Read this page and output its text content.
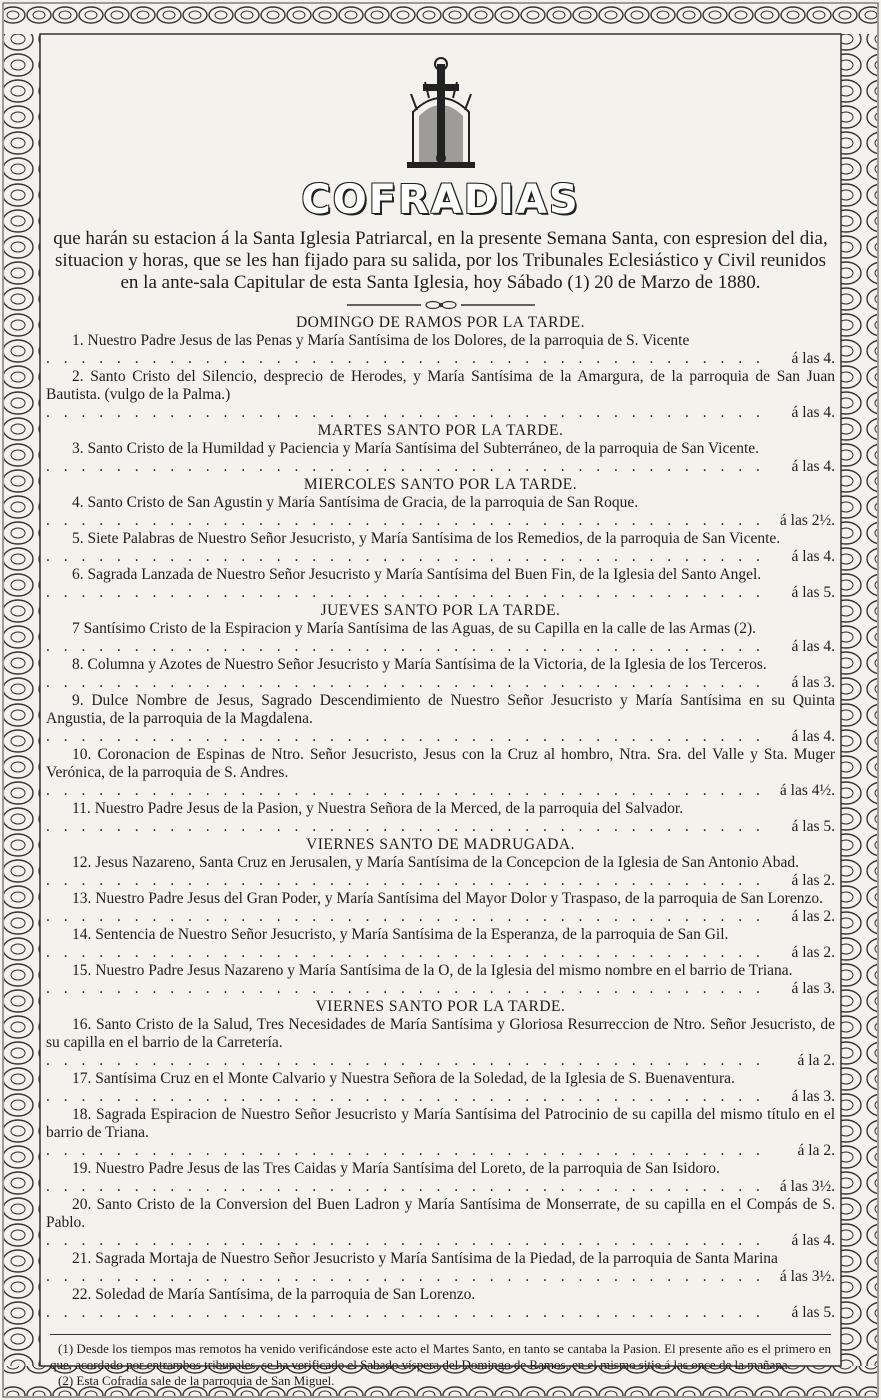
COFRADIAS
que harán su estacion á la Santa Iglesia Patriarcal, en la presente Semana Santa, con espresion del dia, situacion y horas, que se les han fijado para su salida, por los Tribunales Eclesiástico y Civil reunidos en la ante-sala Capitular de esta Santa Iglesia, hoy Sábado (1) 20 de Marzo de 1880.
DOMINGO DE RAMOS POR LA TARDE.

1. Nuestro Padre Jesus de las Penas y María Santísima de los Dolores, de la parroquia de S. Vicente
á las 4.
. . . . . . . . . . . . . . . . . . . . . . . . . . . . . . . . . . . . . . . . .

2. Santo Cristo del Silencio, desprecio de Herodes, y María Santísima de la Amargura, de la parroquia de San Juan Bautista. (vulgo de la Palma.)
á las 4.
. . . . . . . . . . . . . . . . . . . . . . . . . . . . . . . . . . . . . . . . .

MARTES SANTO POR LA TARDE.

3. Santo Cristo de la Humildad y Paciencia y María Santísima del Subterráneo, de la parroquia de San Vicente.
á las 4.
. . . . . . . . . . . . . . . . . . . . . . . . . . . . . . . . . . . . . . . . .

MIERCOLES SANTO POR LA TARDE.

4. Santo Cristo de San Agustin y María Santísima de Gracia, de la parroquia de San Roque.
á las 2½.
. . . . . . . . . . . . . . . . . . . . . . . . . . . . . . . . . . . . . . . . .

5. Siete Palabras de Nuestro Señor Jesucristo, y María Santísima de los Remedios, de la parroquia de San Vicente.
á las 4.
. . . . . . . . . . . . . . . . . . . . . . . . . . . . . . . . . . . . . . . . .

6. Sagrada Lanzada de Nuestro Señor Jesucristo y María Santísima del Buen Fin, de la Iglesia del Santo Angel.
á las 5.
. . . . . . . . . . . . . . . . . . . . . . . . . . . . . . . . . . . . . . . . .

JUEVES SANTO POR LA TARDE.

7 Santísimo Cristo de la Espiracion y María Santísima de las Aguas, de su Capilla en la calle de las Armas (2).
á las 4.
. . . . . . . . . . . . . . . . . . . . . . . . . . . . . . . . . . . . . . . . .

8. Columna y Azotes de Nuestro Señor Jesucristo y María Santísima de la Victoria, de la Iglesia de los Terceros.
á las 3.
. . . . . . . . . . . . . . . . . . . . . . . . . . . . . . . . . . . . . . . . .

9. Dulce Nombre de Jesus, Sagrado Descendimiento de Nuestro Señor Jesucristo y María Santísima en su Quinta Angustia, de la parroquia de la Magdalena.
á las 4.
. . . . . . . . . . . . . . . . . . . . . . . . . . . . . . . . . . . . . . . . .

10. Coronacion de Espinas de Ntro. Señor Jesucristo, Jesus con la Cruz al hombro, Ntra. Sra. del Valle y Sta. Muger Verónica, de la parroquia de S. Andres.
á las 4½.
. . . . . . . . . . . . . . . . . . . . . . . . . . . . . . . . . . . . . . . . .

11. Nuestro Padre Jesus de la Pasion, y Nuestra Señora de la Merced, de la parroquia del Salvador.
á las 5.
. . . . . . . . . . . . . . . . . . . . . . . . . . . . . . . . . . . . . . . . .

VIERNES SANTO DE MADRUGADA.

12. Jesus Nazareno, Santa Cruz en Jerusalen, y María Santísima de la Concepcion de la Iglesia de San Antonio Abad.
á las 2.
. . . . . . . . . . . . . . . . . . . . . . . . . . . . . . . . . . . . . . . . .

13. Nuestro Padre Jesus del Gran Poder, y María Santísima del Mayor Dolor y Traspaso, de la parroquia de San Lorenzo.
á las 2.
. . . . . . . . . . . . . . . . . . . . . . . . . . . . . . . . . . . . . . . . .

14. Sentencia de Nuestro Señor Jesucristo, y María Santísima de la Esperanza, de la parroquia de San Gil.
á las 2.
. . . . . . . . . . . . . . . . . . . . . . . . . . . . . . . . . . . . . . . . .

15. Nuestro Padre Jesus Nazareno y María Santísima de la O, de la Iglesia del mismo nombre en el barrio de Triana.
á las 3.
. . . . . . . . . . . . . . . . . . . . . . . . . . . . . . . . . . . . . . . . .

VIERNES SANTO POR LA TARDE.

16. Santo Cristo de la Salud, Tres Necesidades de María Santísima y Gloriosa Resurreccion de Ntro. Señor Jesucristo, de su capilla en el barrio de la Carretería.
á la 2.
. . . . . . . . . . . . . . . . . . . . . . . . . . . . . . . . . . . . . . . . .

17. Santísima Cruz en el Monte Calvario y Nuestra Señora de la Soledad, de la Iglesia de S. Buenaventura.
á las 3.
. . . . . . . . . . . . . . . . . . . . . . . . . . . . . . . . . . . . . . . . .

18. Sagrada Espiracion de Nuestro Señor Jesucristo y María Santísima del Patrocinio de su capilla del mismo título en el barrio de Triana.
á la 2.
. . . . . . . . . . . . . . . . . . . . . . . . . . . . . . . . . . . . . . . . .

19. Nuestro Padre Jesus de las Tres Caidas y María Santísima del Loreto, de la parroquia de San Isidoro.
á las 3½.
. . . . . . . . . . . . . . . . . . . . . . . . . . . . . . . . . . . . . . . . .

20. Santo Cristo de la Conversion del Buen Ladron y María Santísima de Monserrate, de su capilla en el Compás de S. Pablo.
á las 4.
. . . . . . . . . . . . . . . . . . . . . . . . . . . . . . . . . . . . . . . . .

21. Sagrada Mortaja de Nuestro Señor Jesucristo y María Santísima de la Piedad, de la parroquia de Santa Marina
á las 3½.
. . . . . . . . . . . . . . . . . . . . . . . . . . . . . . . . . . . . . . . . .

22. Soledad de María Santísima, de la parroquia de San Lorenzo.
á las 5.
. . . . . . . . . . . . . . . . . . . . . . . . . . . . . . . . . . . . . . . . .

(1) Desde los tiempos mas remotos ha venido verificándose este acto el Martes Santo, en tanto se cantaba la Pasion. El presente año es el primero en que, acordado por entrambos tribunales, se ha verificado el Sabado víspera del Domingo de Ramos, en el mismo sitio á las once de la mañana.

(2) Esta Cofradía sale de la parroquia de San Miguel.
